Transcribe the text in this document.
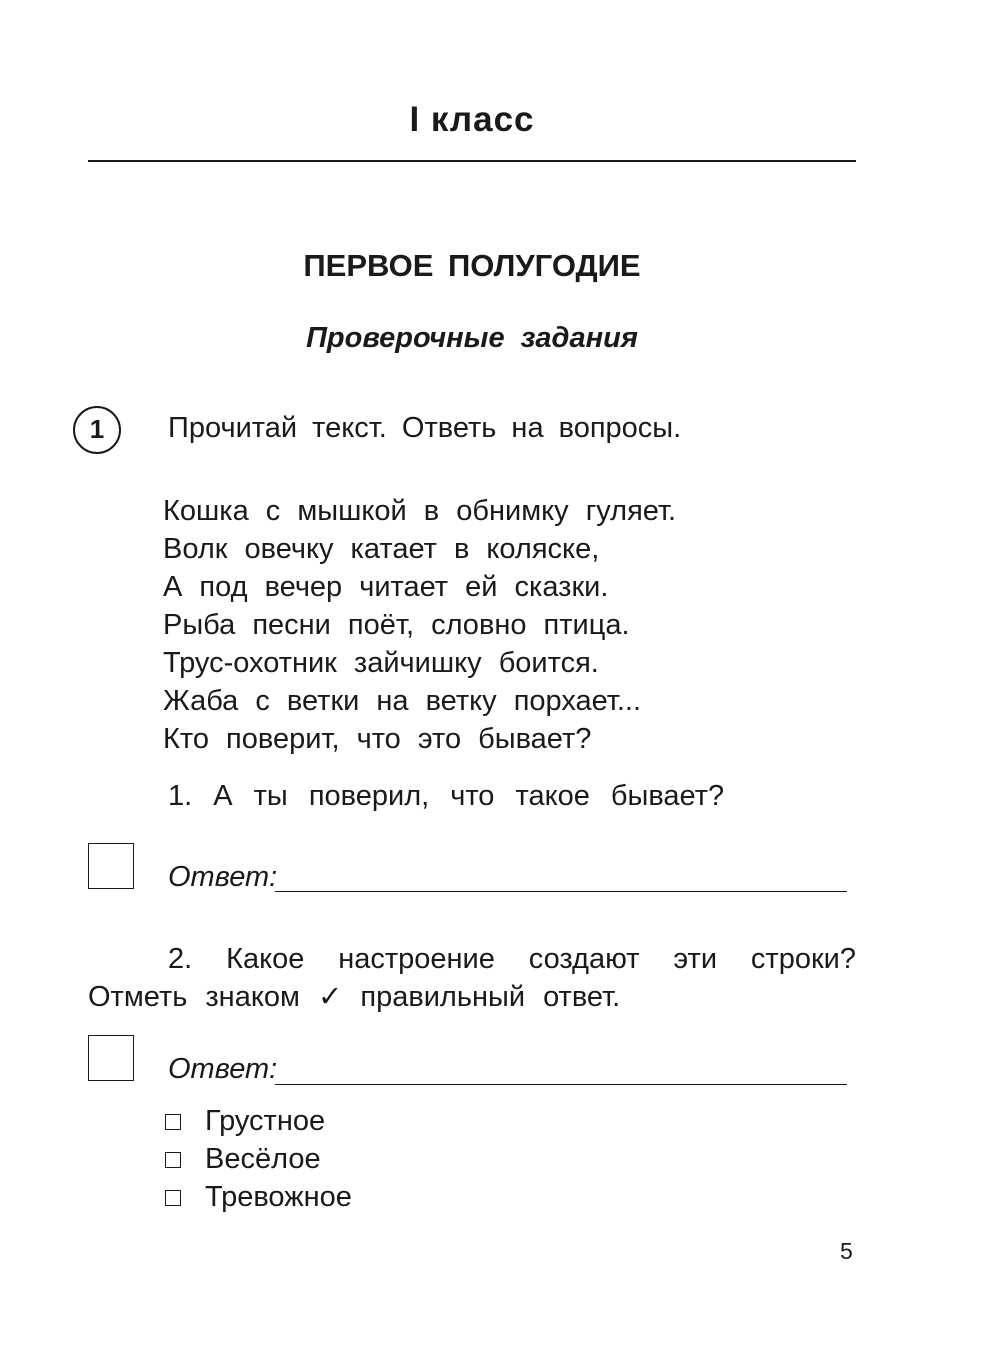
I класс
ПЕРВОЕ ПОЛУГОДИЕ
Проверочные задания
1	Прочитай текст. Ответь на вопросы.
Кошка с мышкой в обнимку гуляет.
Волк овечку катает в коляске,
А под вечер читает ей сказки.
Рыба песни поёт, словно птица.
Трус-охотник зайчишку боится.
Жаба с ветки на ветку порхает...
Кто поверит, что это бывает?
1. А ты поверил, что такое бывает?
Ответ:
2. Какое настроение создают эти строки?
Отметь знаком ✓ правильный ответ.
Ответ:
Грустное
Весёлое
Тревожное
5
